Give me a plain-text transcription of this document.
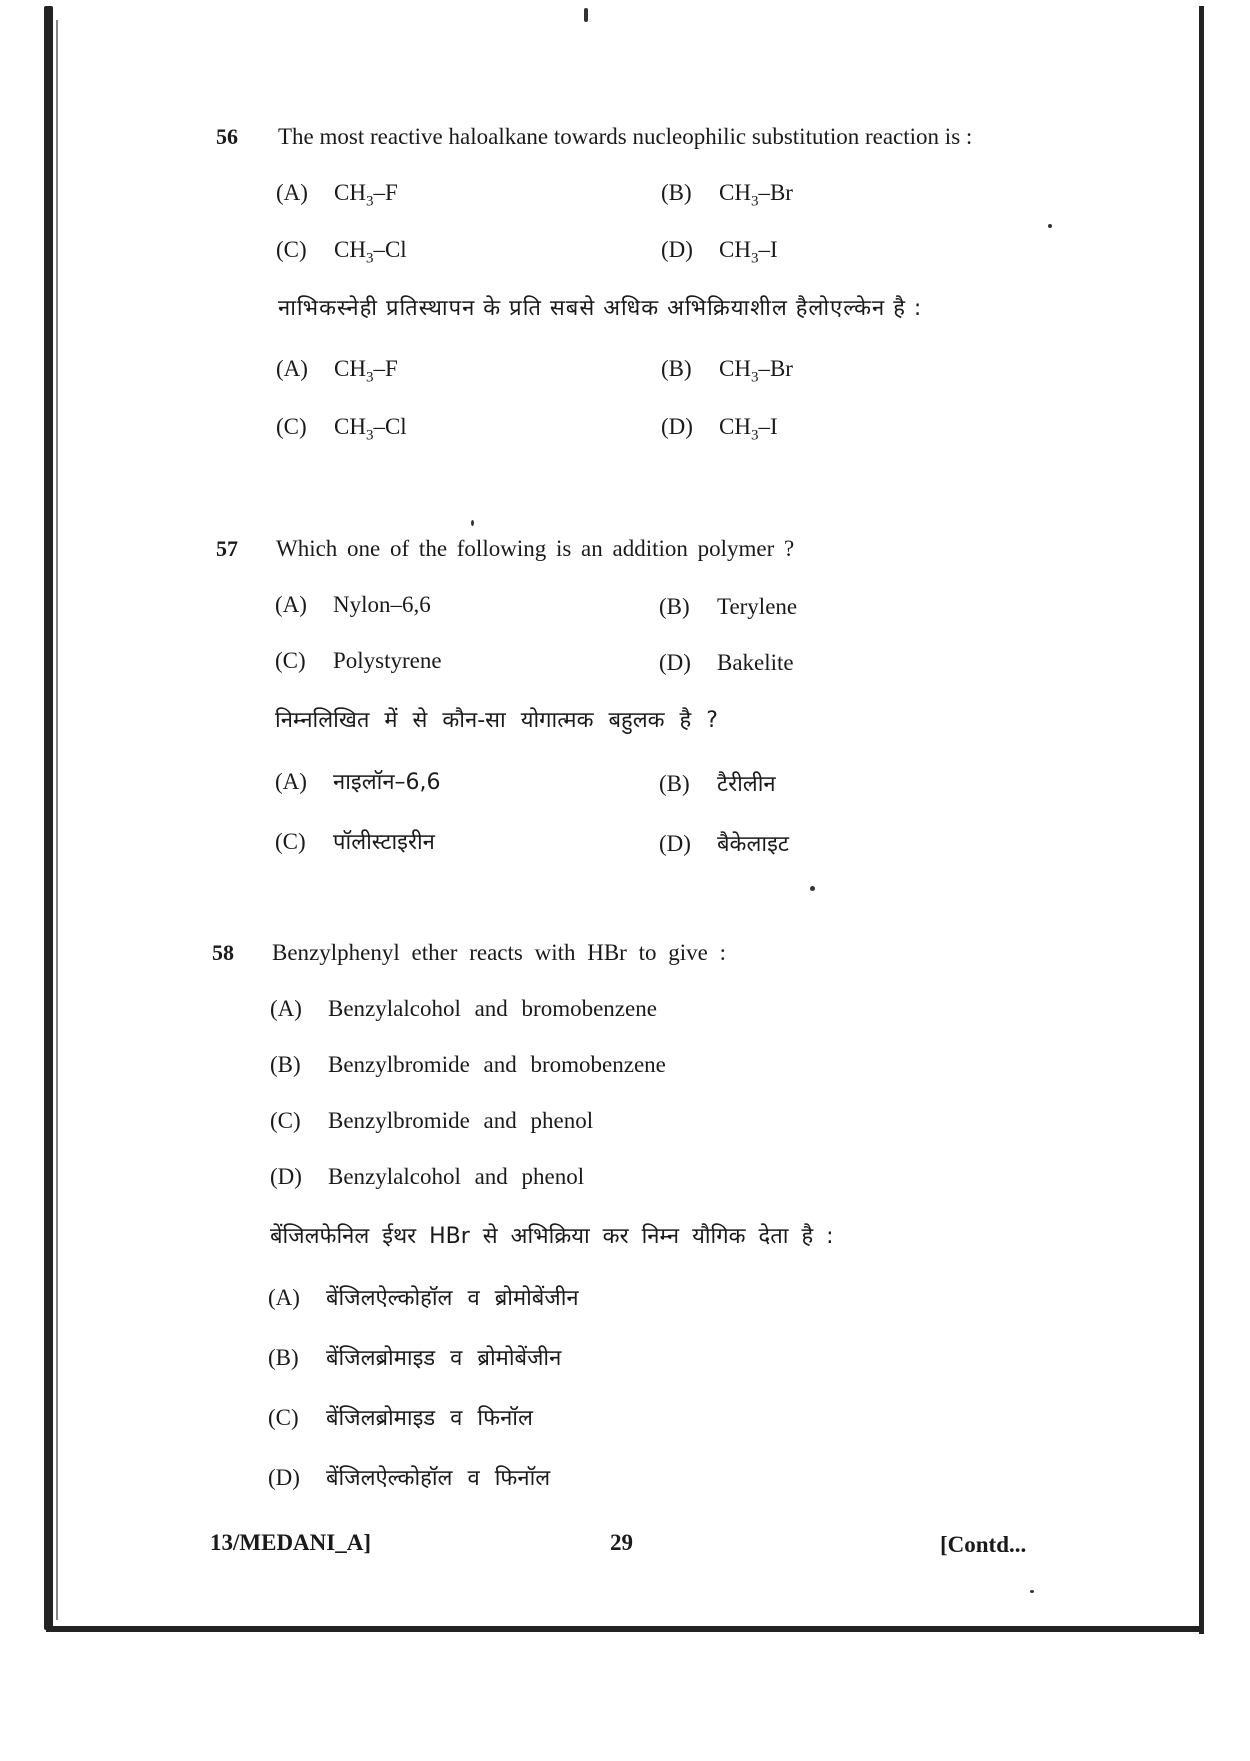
56 The most reactive haloalkane towards nucleophilic substitution reaction is :
(A) $CH_3-F$	(B) $CH_3-Br$
(C) $CH_3-Cl$	(D) $CH_3-I$
नाभिकस्नेही प्रतिस्थापन के प्रति सबसे अधिक अभिक्रियाशील हैलोएल्केन है :
(A) $CH_3-F$	(B) $CH_3-Br$
(C) $CH_3-Cl$	(D) $CH_3-I$
57 Which one of the following is an addition polymer ?
(A) Nylon–6,6	(B) Terylene
(C) Polystyrene	(D) Bakelite
निम्नलिखित में से कौन-सा योगात्मक बहुलक है ?
(A) नाइलॉन–6,6	(B) टैरीलीन
(C) पॉलीस्टाइरीन	(D) बैकेलाइट
58 Benzylphenyl ether reacts with HBr to give :
(A) Benzylalcohol and bromobenzene
(B) Benzylbromide and bromobenzene
(C) Benzylbromide and phenol
(D) Benzylalcohol and phenol
बेंजिलफेनिल ईथर HBr से अभिक्रिया कर निम्न यौगिक देता है :
(A) बेंजिलऐल्कोहॉल व ब्रोमोबेंजीन
(B) बेंजिलब्रोमाइड व ब्रोमोबेंजीन
(C) बेंजिलब्रोमाइड व फिनॉल
(D) बेंजिलऐल्कोहॉल व फिनॉल
13/MEDANI_A]	29	[Contd...
